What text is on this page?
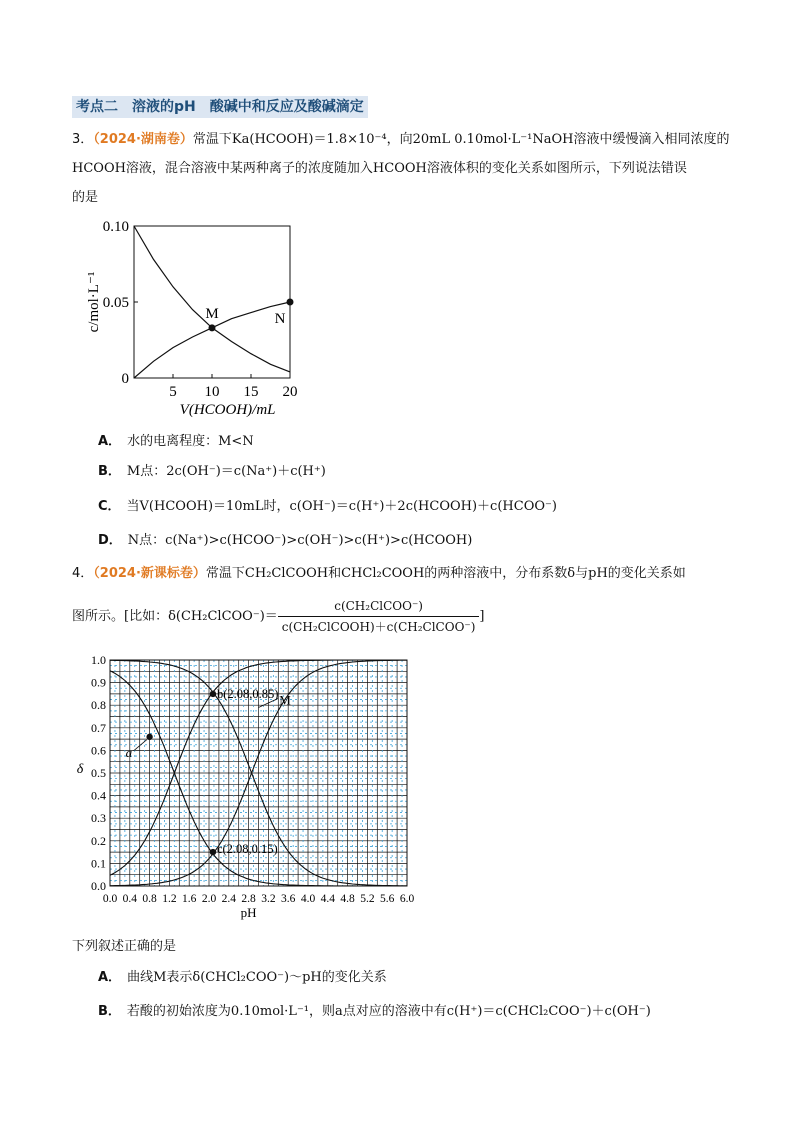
考点二　溶液的pH　酸碱中和反应及酸碱滴定
3．（2024·湖南卷）常温下Ka(HCOOH)＝1.8×10⁻⁴，向20mL 0.10mol·L⁻¹NaOH溶液中缓慢滴入相同浓度的
HCOOH溶液，混合溶液中某两种离子的浓度随加入HCOOH溶液体积的变化关系如图所示，下列说法错误
的是
0
0.05
0.10
5 10 15 20
V(HCOOH)/mL
c/mol·L⁻¹	M	N
A． 水的电离程度：M<N
B． M点：2c(OH⁻)＝c(Na⁺)＋c(H⁺)
C． 当V(HCOOH)＝10mL时，c(OH⁻)＝c(H⁺)＋2c(HCOOH)＋c(HCOO⁻)
D． N点：c(Na⁺)>c(HCOO⁻)>c(OH⁻)>c(H⁺)>c(HCOOH)
4．（2024·新课标卷）常温下CH₂ClCOOH和CHCl₂COOH的两种溶液中，分布系数δ与pH的变化关系如
图所示。[比如：δ(CH₂ClCOO⁻)＝ $\frac{\text{c(CH₂ClCOO⁻)}}{\text{c(CH₂ClCOOH)＋c(CH₂ClCOO⁻)}}$ ]
0.0
0.1
0.2
0.3
0.4
0.5
0.6
0.7
0.8
0.9
1.0
0.0 0.4 0.8 1.2 1.6 2.0 2.4 2.8 3.2 3.6 4.0 4.4 4.8 5.2 5.6 6.0
pH
δ
a
b(2.08,0.85)
c(2.08,0.15)
M
下列叙述正确的是
A． 曲线M表示δ(CHCl₂COO⁻)～pH的变化关系
B． 若酸的初始浓度为0.10mol·L⁻¹，则a点对应的溶液中有c(H⁺)＝c(CHCl₂COO⁻)＋c(OH⁻)
